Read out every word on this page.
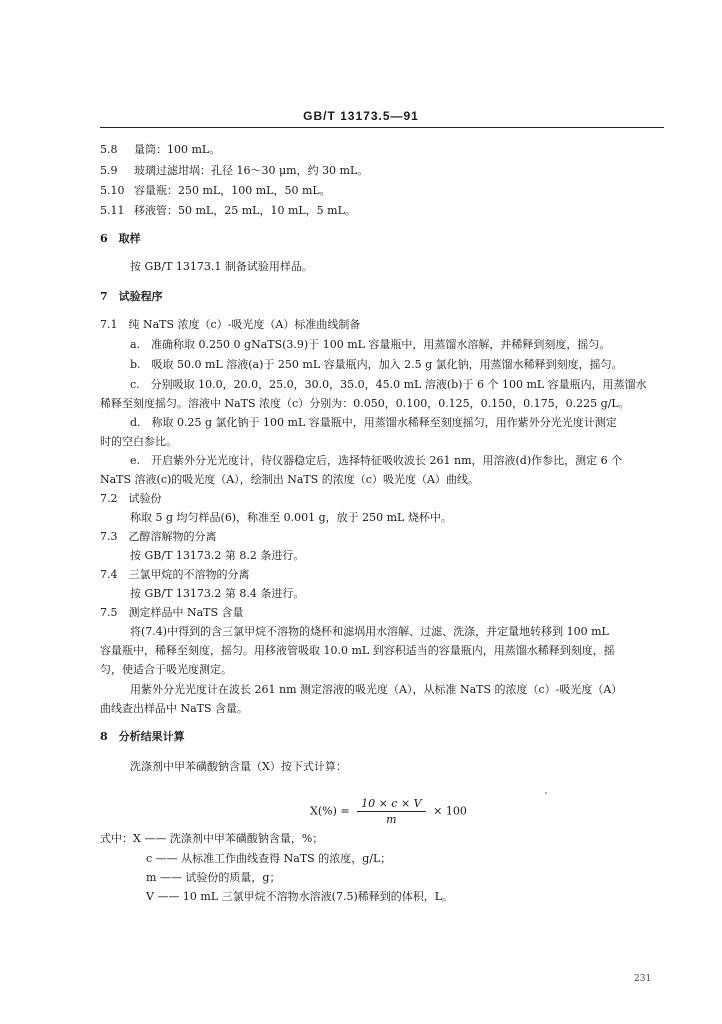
GB/T 13173.5—91
5.8 量筒：100 mL。
5.9 玻璃过滤坩埚：孔径 16～30 μm，约 30 mL。
5.10 容量瓶：250 mL，100 mL，50 mL。
5.11 移液管：50 mL，25 mL，10 mL，5 mL。
6　取样
按 GB/T 13173.1 制备试验用样品。
7　试验程序
7.1　纯 NaTS 浓度（c）-吸光度（A）标准曲线制备
a.　准确称取 0.250 0 gNaTS(3.9)于 100 mL 容量瓶中，用蒸馏水溶解，并稀释到刻度，摇匀。
b.　吸取 50.0 mL 溶液(a)于 250 mL 容量瓶内，加入 2.5 g 氯化钠，用蒸馏水稀释到刻度，摇匀。
c.　分别吸取 10.0，20.0，25.0，30.0，35.0，45.0 mL 溶液(b)于 6 个 100 mL 容量瓶内，用蒸馏水
稀释至刻度摇匀。溶液中 NaTS 浓度（c）分别为：0.050，0.100，0.125，0.150，0.175，0.225 g/L。
d.　称取 0.25 g 氯化钠于 100 mL 容量瓶中，用蒸馏水稀释至刻度摇匀，用作紫外分光光度计测定
时的空白参比。
e.　开启紫外分光光度计，待仪器稳定后，选择特征吸收波长 261 nm，用溶液(d)作参比，测定 6 个
NaTS 溶液(c)的吸光度（A），绘制出 NaTS 的浓度（c）吸光度（A）曲线。
7.2　试验份
称取 5 g 均匀样品(6)，称准至 0.001 g，放于 250 mL 烧杯中。
7.3　乙醇溶解物的分离
按 GB/T 13173.2 第 8.2 条进行。
7.4　三氯甲烷的不溶物的分离
按 GB/T 13173.2 第 8.4 条进行。
7.5　测定样品中 NaTS 含量
将(7.4)中得到的含三氯甲烷不溶物的烧杯和滤埚用水溶解、过滤、洗涤，并定量地转移到 100 mL
容量瓶中，稀释至刻度，摇匀。用移液管吸取 10.0 mL 到容积适当的容量瓶内，用蒸馏水稀释到刻度，摇
匀，使适合于吸光度测定。
用紫外分光光度计在波长 261 nm 测定溶液的吸光度（A），从标准 NaTS 的浓度（c）-吸光度（A）
曲线查出样品中 NaTS 含量。
8　分析结果计算
洗涤剂中甲苯磺酸钠含量（X）按下式计算：
$X(\%) = \frac{10 \times c \times V}{m} \times 100$
式中：X —— 洗涤剂中甲苯磺酸钠含量，%；
c —— 从标准工作曲线查得 NaTS 的浓度，g/L；
m —— 试验份的质量，g；
V —— 10 mL 三氯甲烷不溶物水溶液(7.5)稀释到的体积，L。
231
